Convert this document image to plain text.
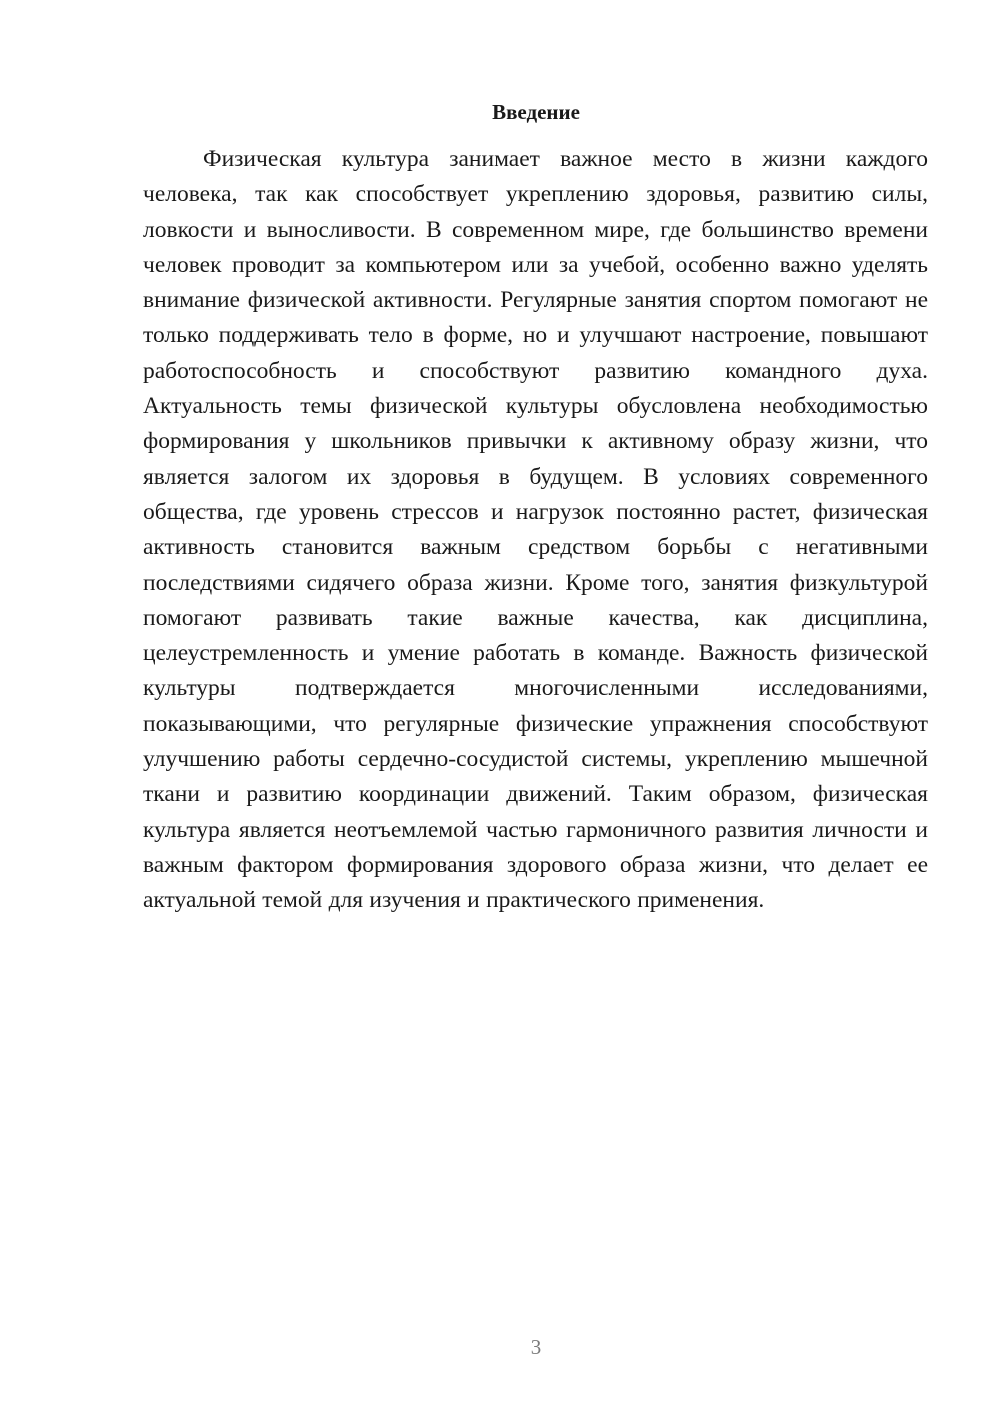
Введение

Физическая культура занимает важное место в жизни каждого человека, так как способствует укреплению здоровья, развитию силы, ловкости и выносливости. В современном мире, где большинство времени человек проводит за компьютером или за учебой, особенно важно уделять внимание физической активности. Регулярные занятия спортом помогают не только поддерживать тело в форме, но и улучшают настроение, повышают работоспособность и способствуют развитию командного духа. Актуальность темы физической культуры обусловлена необходимостью формирования у школьников привычки к активному образу жизни, что является залогом их здоровья в будущем. В условиях современного общества, где уровень стрессов и нагрузок постоянно растет, физическая активность становится важным средством борьбы с негативными последствиями сидячего образа жизни. Кроме того, занятия физкультурой помогают развивать такие важные качества, как дисциплина, целеустремленность и умение работать в команде. Важность физической культуры подтверждается многочисленными исследованиями, показывающими, что регулярные физические упражнения способствуют улучшению работы сердечно-сосудистой системы, укреплению мышечной ткани и развитию координации движений. Таким образом, физическая культура является неотъемлемой частью гармоничного развития личности и важным фактором формирования здорового образа жизни, что делает ее актуальной темой для изучения и практического применения.

3
